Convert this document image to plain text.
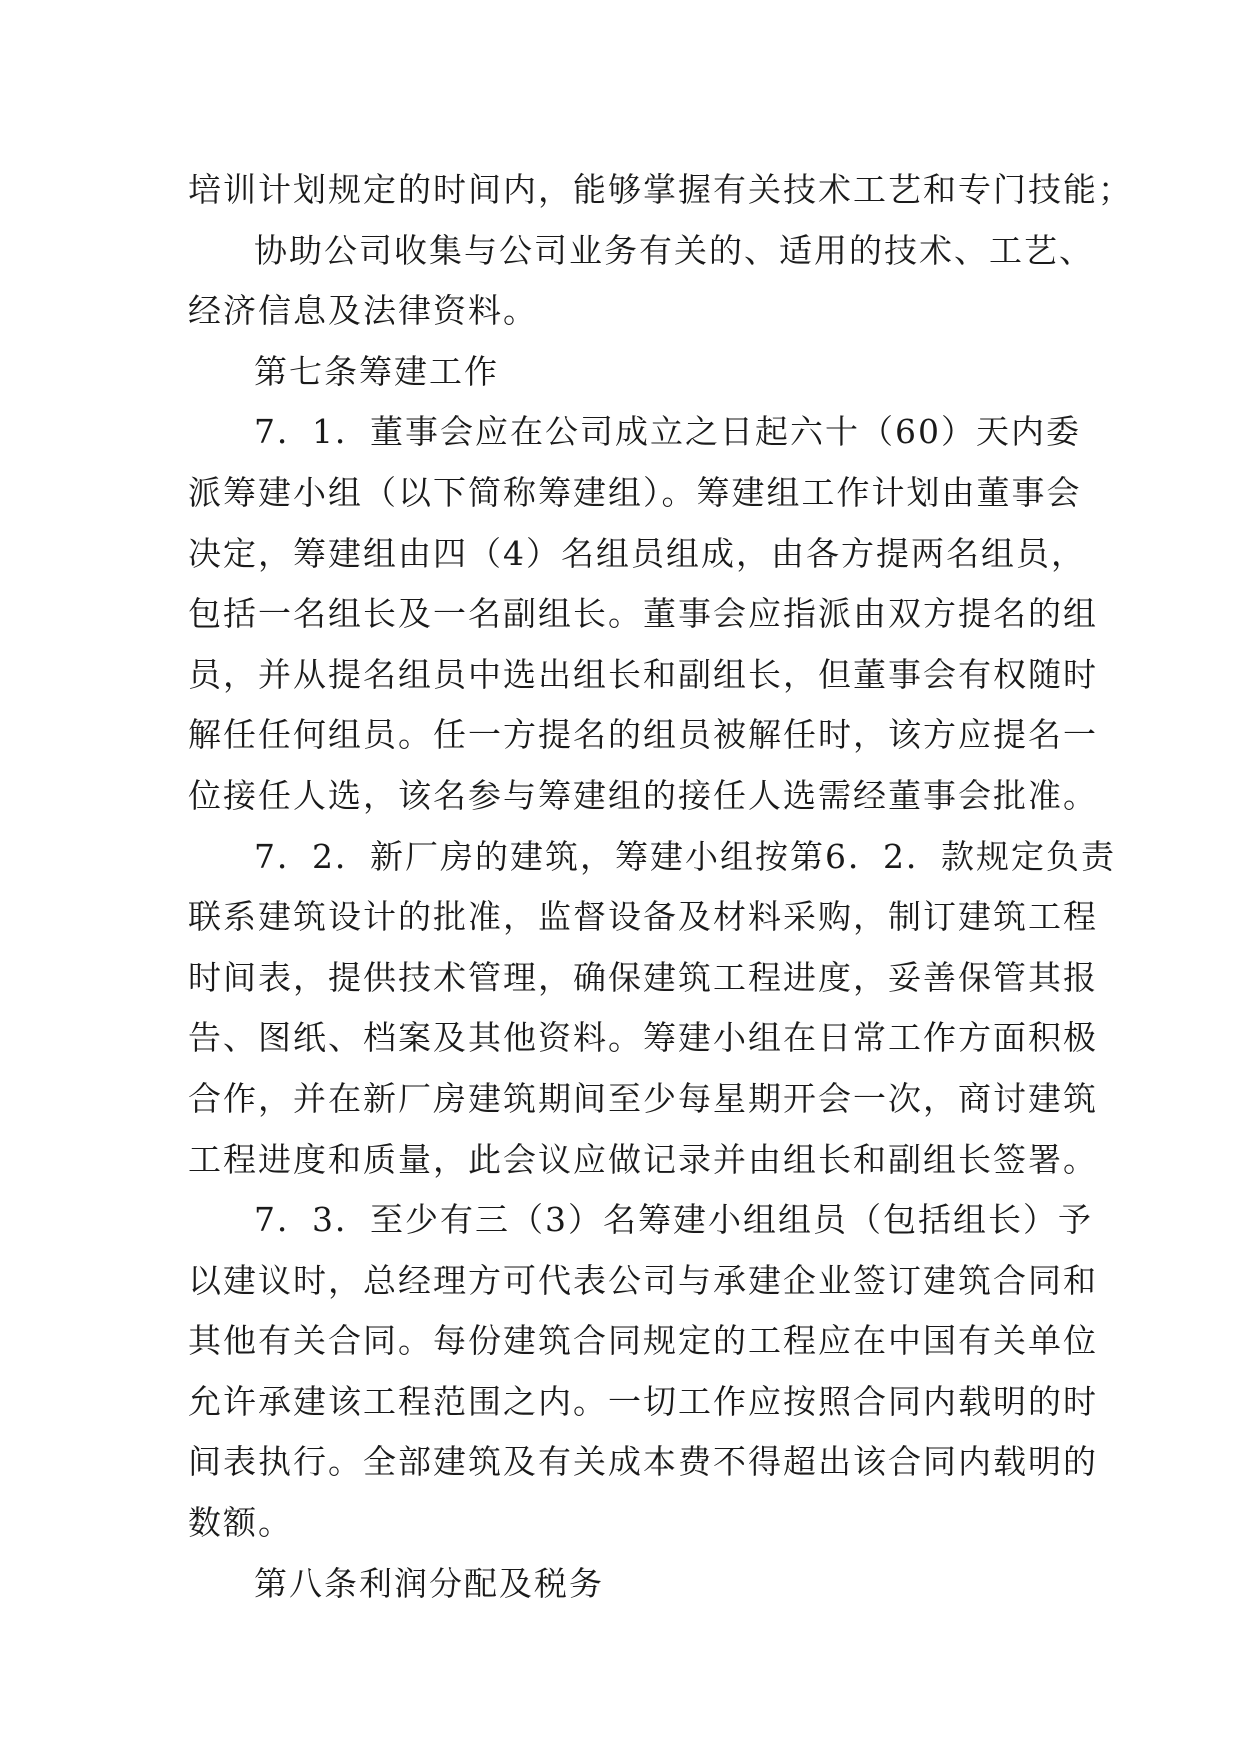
培训计划规定的时间内，能够掌握有关技术工艺和专门技能；
协助公司收集与公司业务有关的、适用的技术、工艺、
经济信息及法律资料。
第七条筹建工作
7．1．董事会应在公司成立之日起六十（60）天内委
派筹建小组（以下简称筹建组）。筹建组工作计划由董事会
决定，筹建组由四（4）名组员组成，由各方提两名组员，
包括一名组长及一名副组长。董事会应指派由双方提名的组
员，并从提名组员中选出组长和副组长，但董事会有权随时
解任任何组员。任一方提名的组员被解任时，该方应提名一
位接任人选，该名参与筹建组的接任人选需经董事会批准。
7．2．新厂房的建筑，筹建小组按第6．2．款规定负责
联系建筑设计的批准，监督设备及材料采购，制订建筑工程
时间表，提供技术管理，确保建筑工程进度，妥善保管其报
告、图纸、档案及其他资料。筹建小组在日常工作方面积极
合作，并在新厂房建筑期间至少每星期开会一次，商讨建筑
工程进度和质量，此会议应做记录并由组长和副组长签署。
7．3．至少有三（3）名筹建小组组员（包括组长）予
以建议时，总经理方可代表公司与承建企业签订建筑合同和
其他有关合同。每份建筑合同规定的工程应在中国有关单位
允许承建该工程范围之内。一切工作应按照合同内载明的时
间表执行。全部建筑及有关成本费不得超出该合同内载明的
数额。
第八条利润分配及税务
